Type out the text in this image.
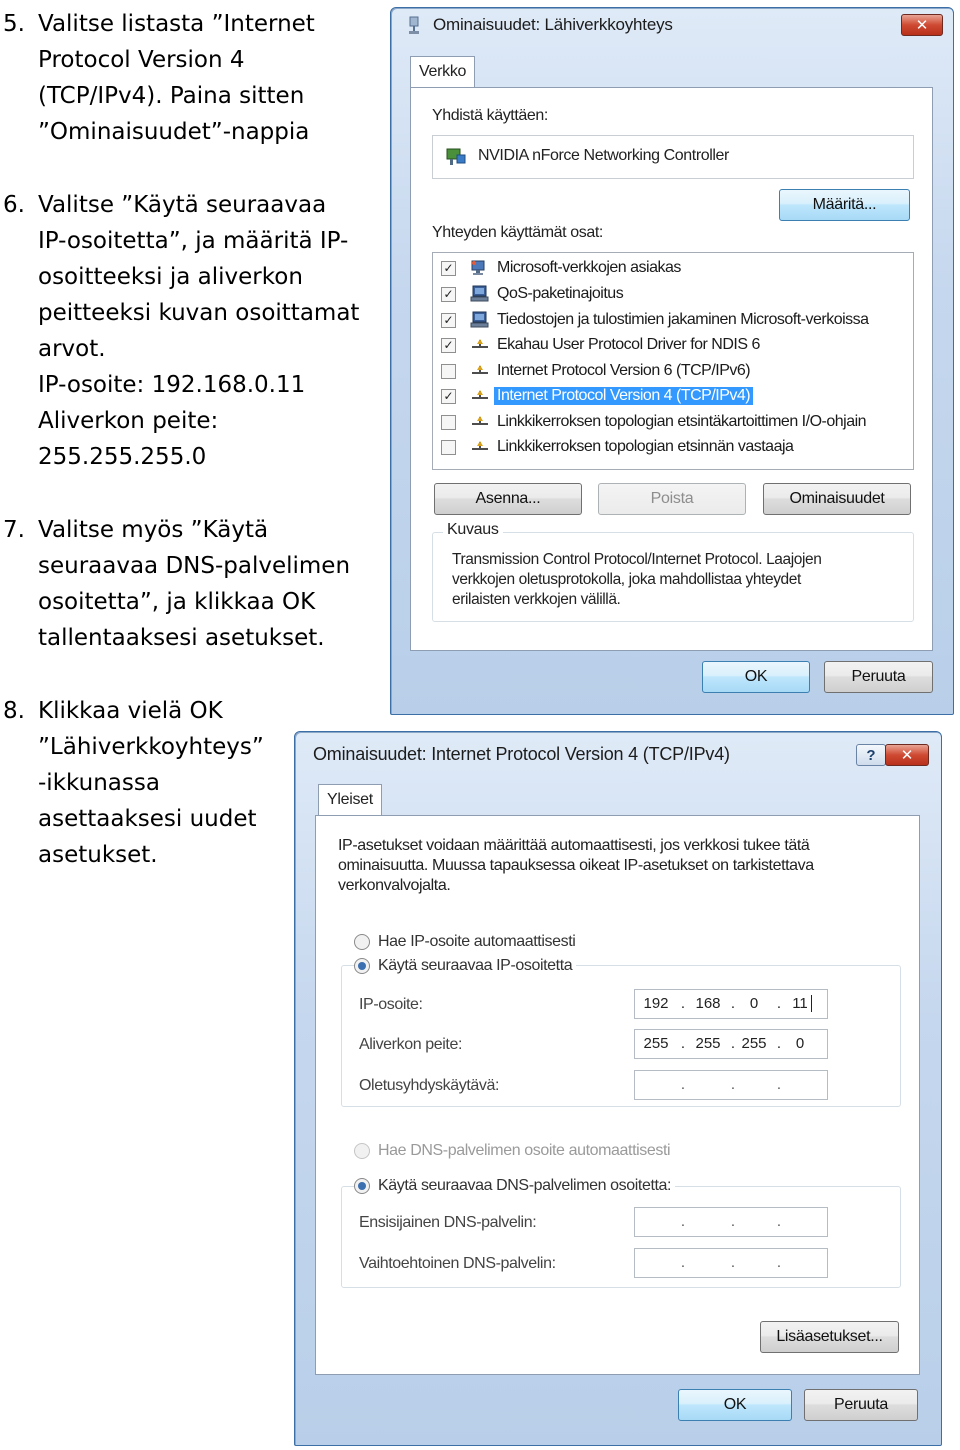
5. Valitse listasta ”Internet
Protocol Version 4
(TCP/IPv4). Paina sitten
”Ominaisuudet”-nappia
6. Valitse ”Käytä seuraavaa
IP-osoitetta”, ja määritä IP-
osoitteeksi ja aliverkon
peitteeksi kuvan osoittamat
arvot.
IP-osoite: 192.168.0.11
Aliverkon peite:
255.255.255.0
7. Valitse myös ”Käytä
seuraavaa DNS-palvelimen
osoitetta”, ja klikkaa OK
tallentaaksesi asetukset.
8. Klikkaa vielä OK
”Lähiverkkoyhteys”
-ikkunassa
asettaaksesi uudet
asetukset.
Ominaisuudet: Lähiverkkoyhteys	✕
Verkko
Yhdistä käyttäen:
NVIDIA nForce Networking Controller
Määritä...
Yhteyden käyttämät osat:
✓	Microsoft-verkkojen asiakas
✓	QoS-paketinajoitus
✓	Tiedostojen ja tulostimien jakaminen Microsoft-verkoissa
✓	Ekahau User Protocol Driver for NDIS 6
Internet Protocol Version 6 (TCP/IPv6)
✓	Internet Protocol Version 4 (TCP/IPv4)
Linkkikerroksen topologian etsintäkartoittimen I/O-ohjain
Linkkikerroksen topologian etsinnän vastaaja
Asenna...	Poista	Ominaisuudet
Kuvaus
Transmission Control Protocol/Internet Protocol. Laajojen
verkkojen oletusprotokolla, joka mahdollistaa yhteydet
erilaisten verkkojen välillä.
OK	Peruuta
Ominaisuudet: Internet Protocol Version 4 (TCP/IPv4)	? ✕
Yleiset
IP-asetukset voidaan määrittää automaattisesti, jos verkkosi tukee tätä
ominaisuutta. Muussa tapauksessa oikeat IP-asetukset on tarkistettava
verkonvalvojalta.
Hae IP-osoite automaattisesti
Käytä seuraavaa IP-osoitetta
IP-osoite:	192 . 168 . 0	. 11
Aliverkon peite:	255 . 255 . 255 . 0
Oletusyhdyskäytävä:	.	.	.
Hae DNS-palvelimen osoite automaattisesti
Käytä seuraavaa DNS-palvelimen osoitetta:
Ensisijainen DNS-palvelin:	.	.	.
Vaihtoehtoinen DNS-palvelin:	.	.	.
Lisäasetukset...
OK	Peruuta
